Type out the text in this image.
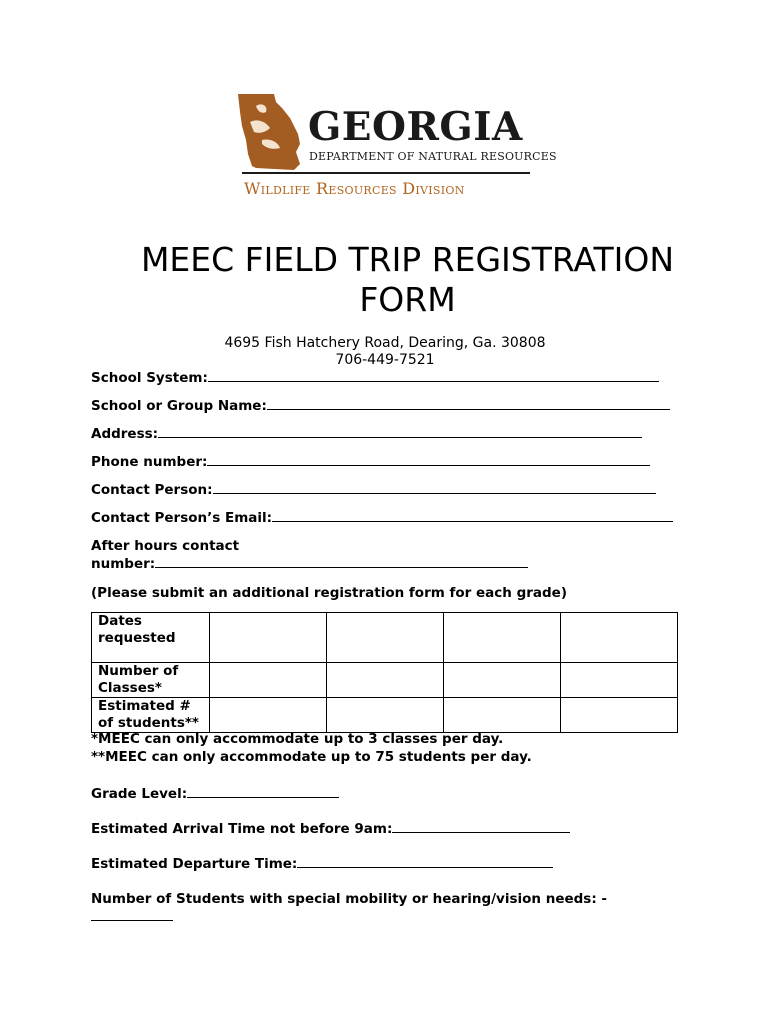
GEORGIA
DEPARTMENT OF NATURAL RESOURCES
Wildlife Resources Division
MEEC FIELD TRIP REGISTRATION FORM
4695 Fish Hatchery Road, Dearing, Ga. 30808
706-449-7521
School System:
School or Group Name:
Address:
Phone number:
Contact Person:
Contact Person’s Email:
After hours contact
number:
(Please submit an additional registration form for each grade)
Dates requested				
Number of Classes*				
Estimated # of students**				
*MEEC can only accommodate up to 3 classes per day.
**MEEC can only accommodate up to 75 students per day.
Grade Level:
Estimated Arrival Time not before 9am:
Estimated Departure Time:
Number of Students with special mobility or hearing/vision needs: -
